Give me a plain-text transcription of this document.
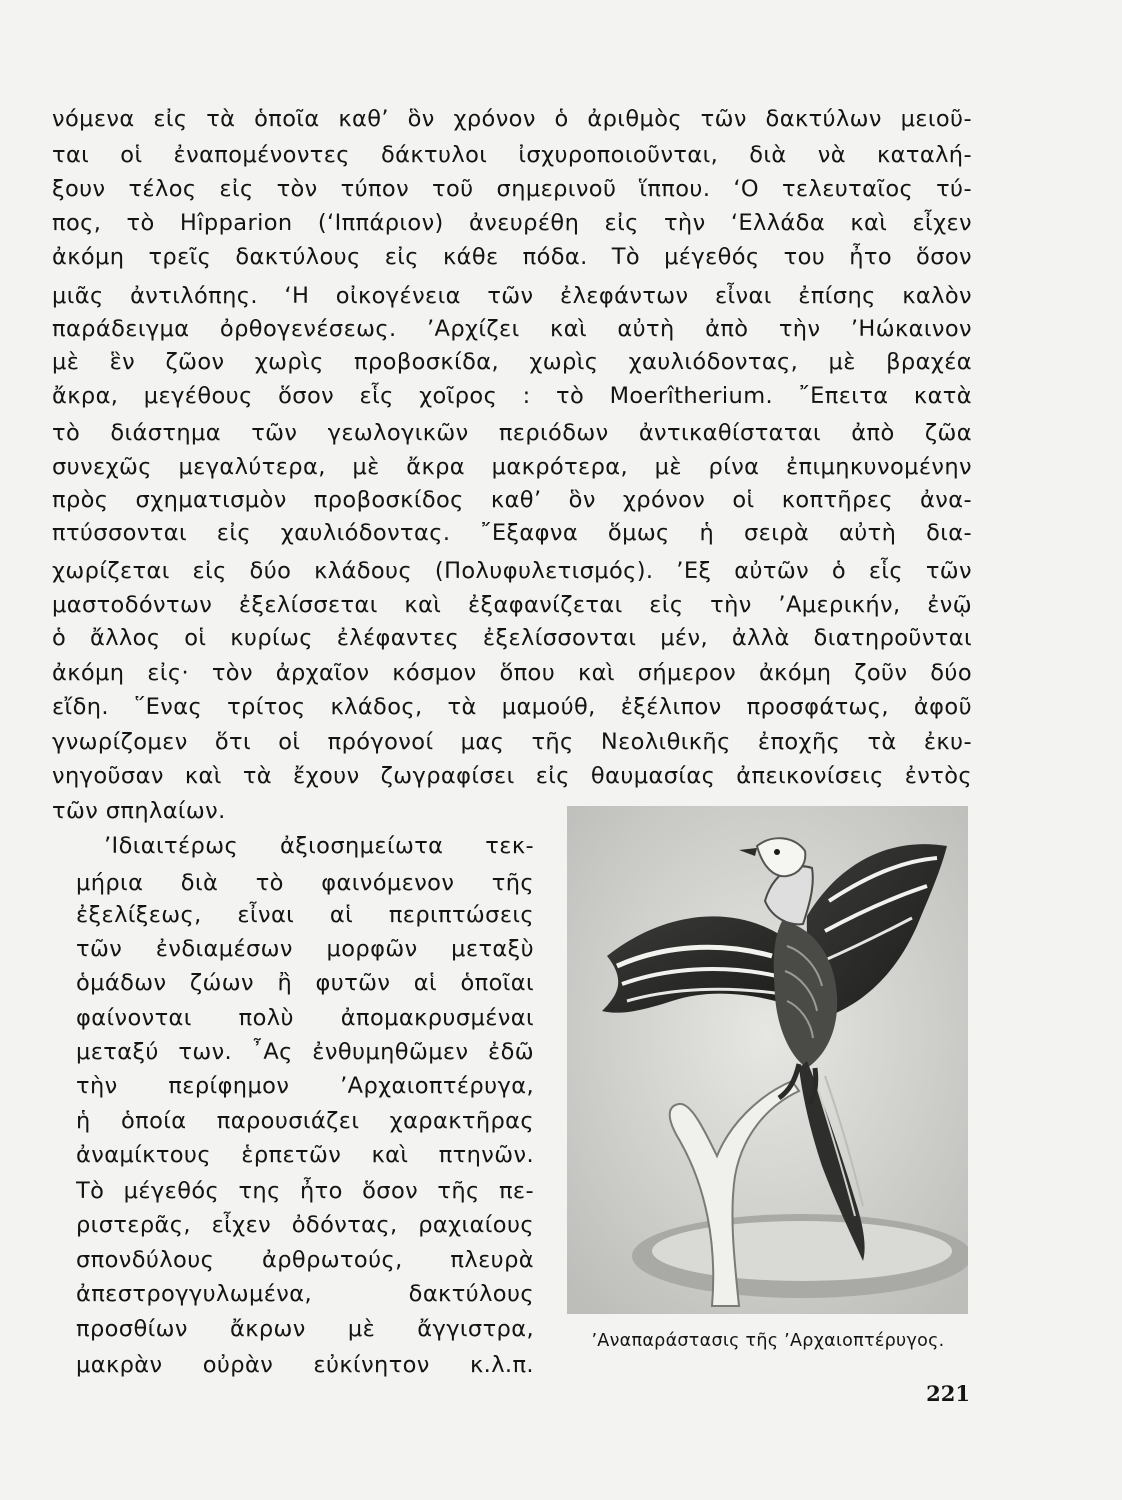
νόμενα εἰς τὰ ὁποῖα καθ’ ὃν χρόνον ὁ ἀριθμὸς τῶν δακτύλων μειοῦ-
ται οἱ ἐναπομένοντες δάκτυλοι ἰσχυροποιοῦνται, διὰ νὰ καταλή-
ξουν τέλος εἰς τὸν τύπον τοῦ σημερινοῦ ἵππου. ‘Ο τελευταῖος τύ-
πος, τὸ Hîpparion (‘Ιππάριον) ἀνευρέθη εἰς τὴν ‘Ελλάδα καὶ εἶχεν
ἀκόμη τρεῖς δακτύλους εἰς κάθε πόδα. Τὸ μέγεθός του ἦτο ὅσον
μιᾶς ἀντιλόπης. ‘Η οἰκογένεια τῶν ἐλεφάντων εἶναι ἐπίσης καλὸν
παράδειγμα ὀρθογενέσεως. ’Αρχίζει καὶ αὐτὴ ἀπὸ τὴν ’Ηώκαινον
μὲ ἓν ζῶον χωρὶς προβοσκίδα, χωρὶς χαυλιόδοντας, μὲ βραχέα
ἄκρα, μεγέθους ὅσον εἷς χοῖρος : τὸ Moerîtherium. ῎Επειτα κατὰ
τὸ διάστημα τῶν γεωλογικῶν περιόδων ἀντικαθίσταται ἀπὸ ζῶα
συνεχῶς μεγαλύτερα, μὲ ἄκρα μακρότερα, μὲ ρίνα ἐπιμηκυνομένην
πρὸς σχηματισμὸν προβοσκίδος καθ’ ὃν χρόνον οἱ κοπτῆρες ἀνα-
πτύσσονται εἰς χαυλιόδοντας. ῎Εξαφνα ὅμως ἡ σειρὰ αὐτὴ δια-
χωρίζεται εἰς δύο κλάδους (Πολυφυλετισμός). ’Εξ αὐτῶν ὁ εἷς τῶν
μαστοδόντων ἐξελίσσεται καὶ ἐξαφανίζεται εἰς τὴν ’Αμερικήν, ἐνῷ
ὁ ἄλλος οἱ κυρίως ἐλέφαντες ἐξελίσσονται μέν, ἀλλὰ διατηροῦνται
ἀκόμη εἰς· τὸν ἀρχαῖον κόσμον ὅπου καὶ σήμερον ἀκόμη ζοῦν δύο
εἴδη. ῞Ενας τρίτος κλάδος, τὰ μαμούθ, ἐξέλιπον προσφάτως, ἀφοῦ
γνωρίζομεν ὅτι οἱ πρόγονοί μας τῆς Νεολιθικῆς ἐποχῆς τὰ ἐκυ-
νηγοῦσαν καὶ τὰ ἔχουν ζωγραφίσει εἰς θαυμασίας ἀπεικονίσεις ἐντὸς
τῶν σπηλαίων.
’Ιδιαιτέρως ἀξιοσημείωτα τεκ-
μήρια διὰ τὸ φαινόμενον τῆς
ἐξελίξεως, εἶναι αἱ περιπτώσεις
τῶν ἐνδιαμέσων μορφῶν μεταξὺ
ὁμάδων ζώων ἢ φυτῶν αἱ ὁποῖαι
φαίνονται πολὺ ἀπομακρυσμέναι
μεταξύ των. ῏Ας ἐνθυμηθῶμεν ἐδῶ
τὴν περίφημον ’Αρχαιοπτέρυγα,
ἡ ὁποία παρουσιάζει χαρακτῆρας
ἀναμίκτους ἑρπετῶν καὶ πτηνῶν.
Τὸ μέγεθός της ἦτο ὅσον τῆς πε-
ριστερᾶς, εἶχεν ὀδόντας, ραχιαίους
σπονδύλους ἀρθρωτούς, πλευρὰ
ἀπεστρογγυλωμένα, δακτύλους
προσθίων ἄκρων μὲ ἄγγιστρα,
μακρὰν οὐρὰν εὐκίνητον κ.λ.π.
’Αναπαράστασις τῆς ’Αρχαιοπτέρυγος.
221
